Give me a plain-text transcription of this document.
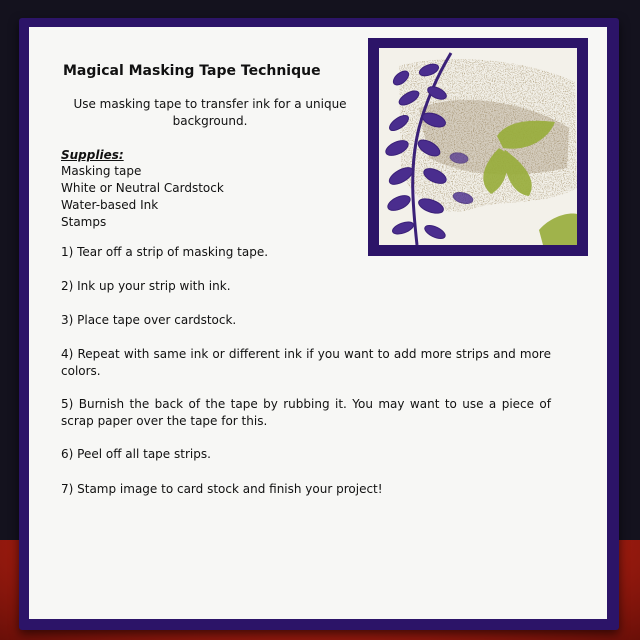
Magical Masking Tape Technique

Use masking tape to transfer ink for a unique background.

Supplies:
Masking tape
White or Neutral Cardstock
Water-based Ink
Stamps

1) Tear off a strip of masking tape.

2) Ink up your strip with ink.

3) Place tape over cardstock.

4) Repeat with same ink or different ink if you want to add more strips and more colors.

5) Burnish the back of the tape by rubbing it. You may want to use a piece of scrap paper over the tape for this.

6) Peel off all tape strips.

7) Stamp image to card stock and finish your project!
